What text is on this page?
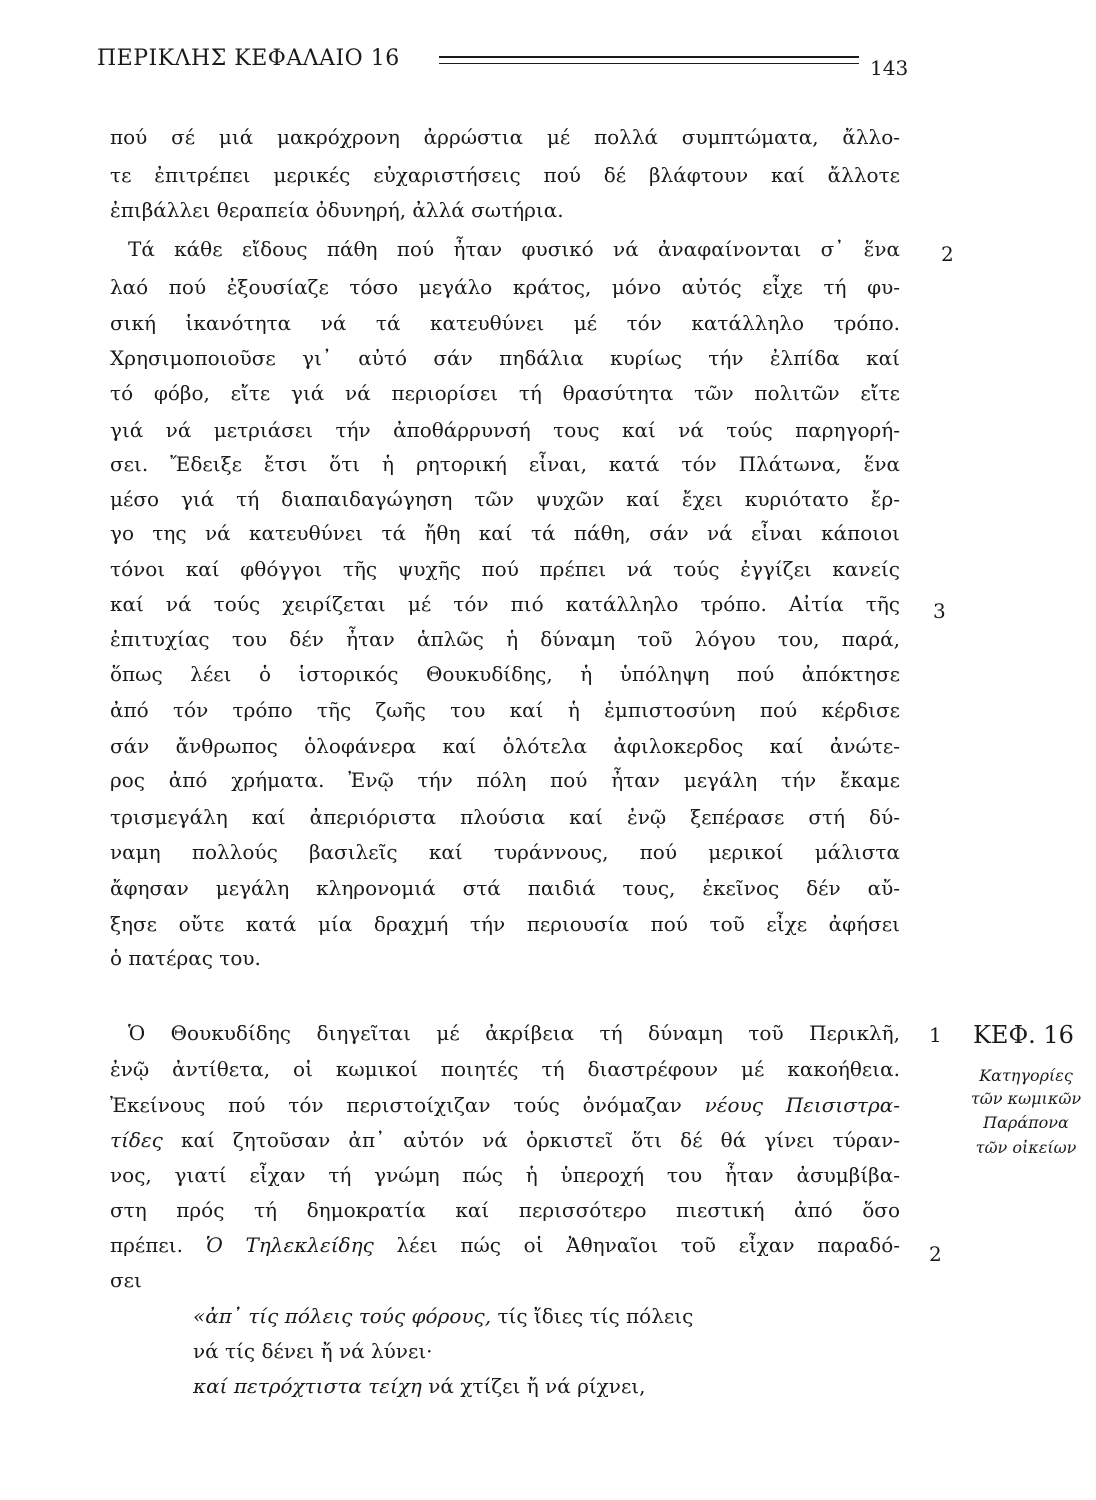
ΠΕΡΙΚΛΗΣ ΚΕΦΑΛΑΙΟ 16	143
πού σέ μιά μακρόχρονη ἀρρώστια μέ πολλά συμπτώματα, ἄλλο-
τε ἐπιτρέπει μερικές εὐχαριστήσεις πού δέ βλάφτουν καί ἄλλοτε
ἐπιβάλλει θεραπεία ὀδυνηρή, ἀλλά σωτήρια.
Τά κάθε εἴδους πάθη πού ἦταν φυσικό νά ἀναφαίνονται σ᾽ ἕνα
λαό πού ἐξουσίαζε τόσο μεγάλο κράτος, μόνο αὐτός εἶχε τή φυ-
σική ἱκανότητα νά τά κατευθύνει μέ τόν κατάλληλο τρόπο.
Χρησιμοποιοῦσε γι᾽ αὐτό σάν πηδάλια κυρίως τήν ἐλπίδα καί
τό φόβο, εἴτε γιά νά περιορίσει τή θρασύτητα τῶν πολιτῶν εἴτε
γιά νά μετριάσει τήν ἀποθάρρυνσή τους καί νά τούς παρηγορή-
σει. Ἔδειξε ἔτσι ὅτι ἡ ρητορική εἶναι, κατά τόν Πλάτωνα, ἕνα
μέσο γιά τή διαπαιδαγώγηση τῶν ψυχῶν καί ἔχει κυριότατο ἔρ-
γο της νά κατευθύνει τά ἤθη καί τά πάθη, σάν νά εἶναι κάποιοι
τόνοι καί φθόγγοι τῆς ψυχῆς πού πρέπει νά τούς ἐγγίζει κανείς
καί νά τούς χειρίζεται μέ τόν πιό κατάλληλο τρόπο. Αἰτία τῆς
ἐπιτυχίας του δέν ἦταν ἁπλῶς ἡ δύναμη τοῦ λόγου του, παρά,
ὅπως λέει ὁ ἱστορικός Θουκυδίδης, ἡ ὑπόληψη πού ἀπόκτησε
ἀπό τόν τρόπο τῆς ζωῆς του καί ἡ ἐμπιστοσύνη πού κέρδισε
σάν ἄνθρωπος ὁλοφάνερα καί ὁλότελα ἀφιλοκερδος καί ἀνώτε-
ρος ἀπό χρήματα. Ἐνῷ τήν πόλη πού ἦταν μεγάλη τήν ἔκαμε
τρισμεγάλη καί ἀπεριόριστα πλούσια καί ἐνῷ ξεπέρασε στή δύ-
ναμη πολλούς βασιλεῖς καί τυράννους, πού μερικοί μάλιστα
ἄφησαν μεγάλη κληρονομιά στά παιδιά τους, ἐκεῖνος δέν αὔ-
ξησε οὔτε κατά μία δραχμή τήν περιουσία πού τοῦ εἶχε ἀφήσει
ὁ πατέρας του.
2
3
Ὁ Θουκυδίδης διηγεῖται μέ ἀκρίβεια τή δύναμη τοῦ Περικλῆ,
ἐνῷ ἀντίθετα, οἱ κωμικοί ποιητές τή διαστρέφουν μέ κακοήθεια.
Ἐκείνους πού τόν περιστοίχιζαν τούς ὀνόμαζαν νέους Πεισιστρα-
τίδες καί ζητοῦσαν ἀπ᾽ αὐτόν νά ὁρκιστεῖ ὅτι δέ θά γίνει τύραν-
νος, γιατί εἶχαν τή γνώμη πώς ἡ ὑπεροχή του ἦταν ἀσυμβίβα-
στη πρός τή δημοκρατία καί περισσότερο πιεστική ἀπό ὅσο
πρέπει. Ὁ Τηλεκλείδης λέει πώς οἱ Ἀθηναῖοι τοῦ εἶχαν παραδό-
σει
1
2
«ἀπ᾽ τίς πόλεις τούς φόρους, τίς ἴδιες τίς πόλεις
νά τίς δένει ἤ νά λύνει·
καί πετρόχτιστα τείχη νά χτίζει ἤ νά ρίχνει,
ΚΕΦ. 16
Κατηγορίες
τῶν κωμικῶν
Παράπονα
τῶν οἰκείων
